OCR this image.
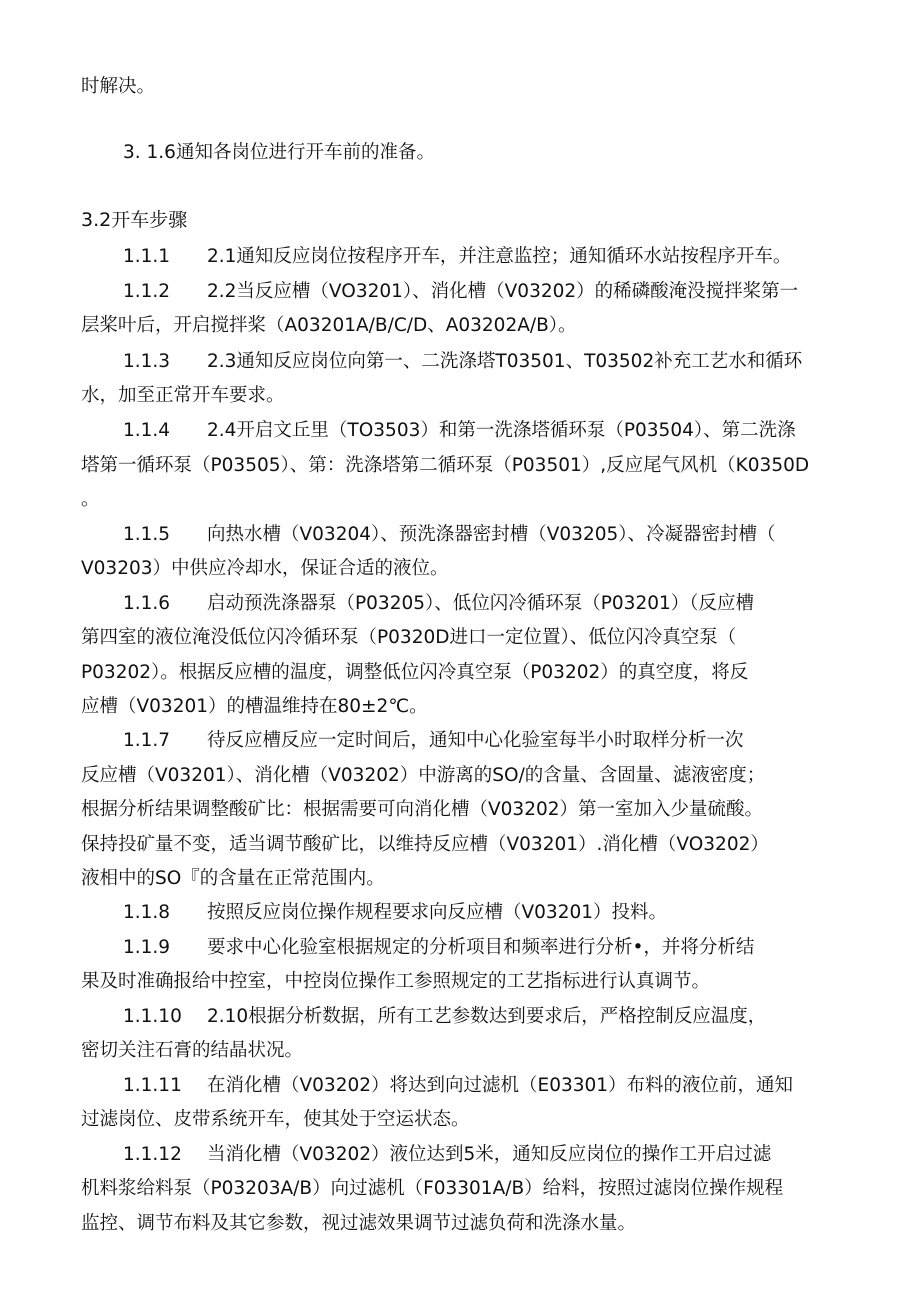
时解决。
3. 1.6通知各岗位进行开车前的准备。
3.2开车步骤
1.1.1 2.1通知反应岗位按程序开车，并注意监控；通知循环水站按程序开车。
1.1.2 2.2当反应槽（VO3201）、消化槽（V03202）的稀磷酸淹没搅拌桨第一
层桨叶后，开启搅拌桨（A03201A/B/C/D、A03202A/B）。
1.1.3 2.3通知反应岗位向第一、二洗涤塔T03501、T03502补充工艺水和循环
水，加至正常开车要求。
1.1.4 2.4开启文丘里（TO3503）和第一洗涤塔循环泵（P03504）、第二洗涤
塔第一循环泵（P03505）、第：洗涤塔第二循环泵（P03501）,反应尾气风机（K0350D
。
1.1.5 向热水槽（V03204）、预洗涤器密封槽（V03205）、冷凝器密封槽（
V03203）中供应冷却水，保证合适的液位。
1.1.6 启动预洗涤器泵（P03205）、低位闪冷循环泵（P03201）（反应槽
第四室的液位淹没低位闪冷循环泵（P0320D进口一定位置）、低位闪冷真空泵（
P03202）。根据反应槽的温度，调整低位闪冷真空泵（P03202）的真空度，将反
应槽（V03201）的槽温维持在80±2℃。
1.1.7 待反应槽反应一定时间后，通知中心化验室每半小时取样分析一次
反应槽（V03201）、消化槽（V03202）中游离的SO/的含量、含固量、滤液密度；
根据分析结果调整酸矿比：根据需要可向消化槽（V03202）第一室加入少量硫酸。
保持投矿量不变，适当调节酸矿比，以维持反应槽（V03201）.消化槽（VO3202）
液相中的SO『的含量在正常范围内。
1.1.8 按照反应岗位操作规程要求向反应槽（V03201）投料。
1.1.9 要求中心化验室根据规定的分析项目和频率进行分析•，并将分析结
果及时准确报给中控室，中控岗位操作工参照规定的工艺指标进行认真调节。
1.1.10 2.10根据分析数据，所有工艺参数达到要求后，严格控制反应温度，
密切关注石膏的结晶状况。
1.1.11 在消化槽（V03202）将达到向过滤机（E03301）布料的液位前，通知
过滤岗位、皮带系统开车，使其处于空运状态。
1.1.12 当消化槽（V03202）液位达到5米，通知反应岗位的操作工开启过滤
机料浆给料泵（P03203A/B）向过滤机（F03301A/B）给料，按照过滤岗位操作规程
监控、调节布料及其它参数，视过滤效果调节过滤负荷和洗涤水量。
